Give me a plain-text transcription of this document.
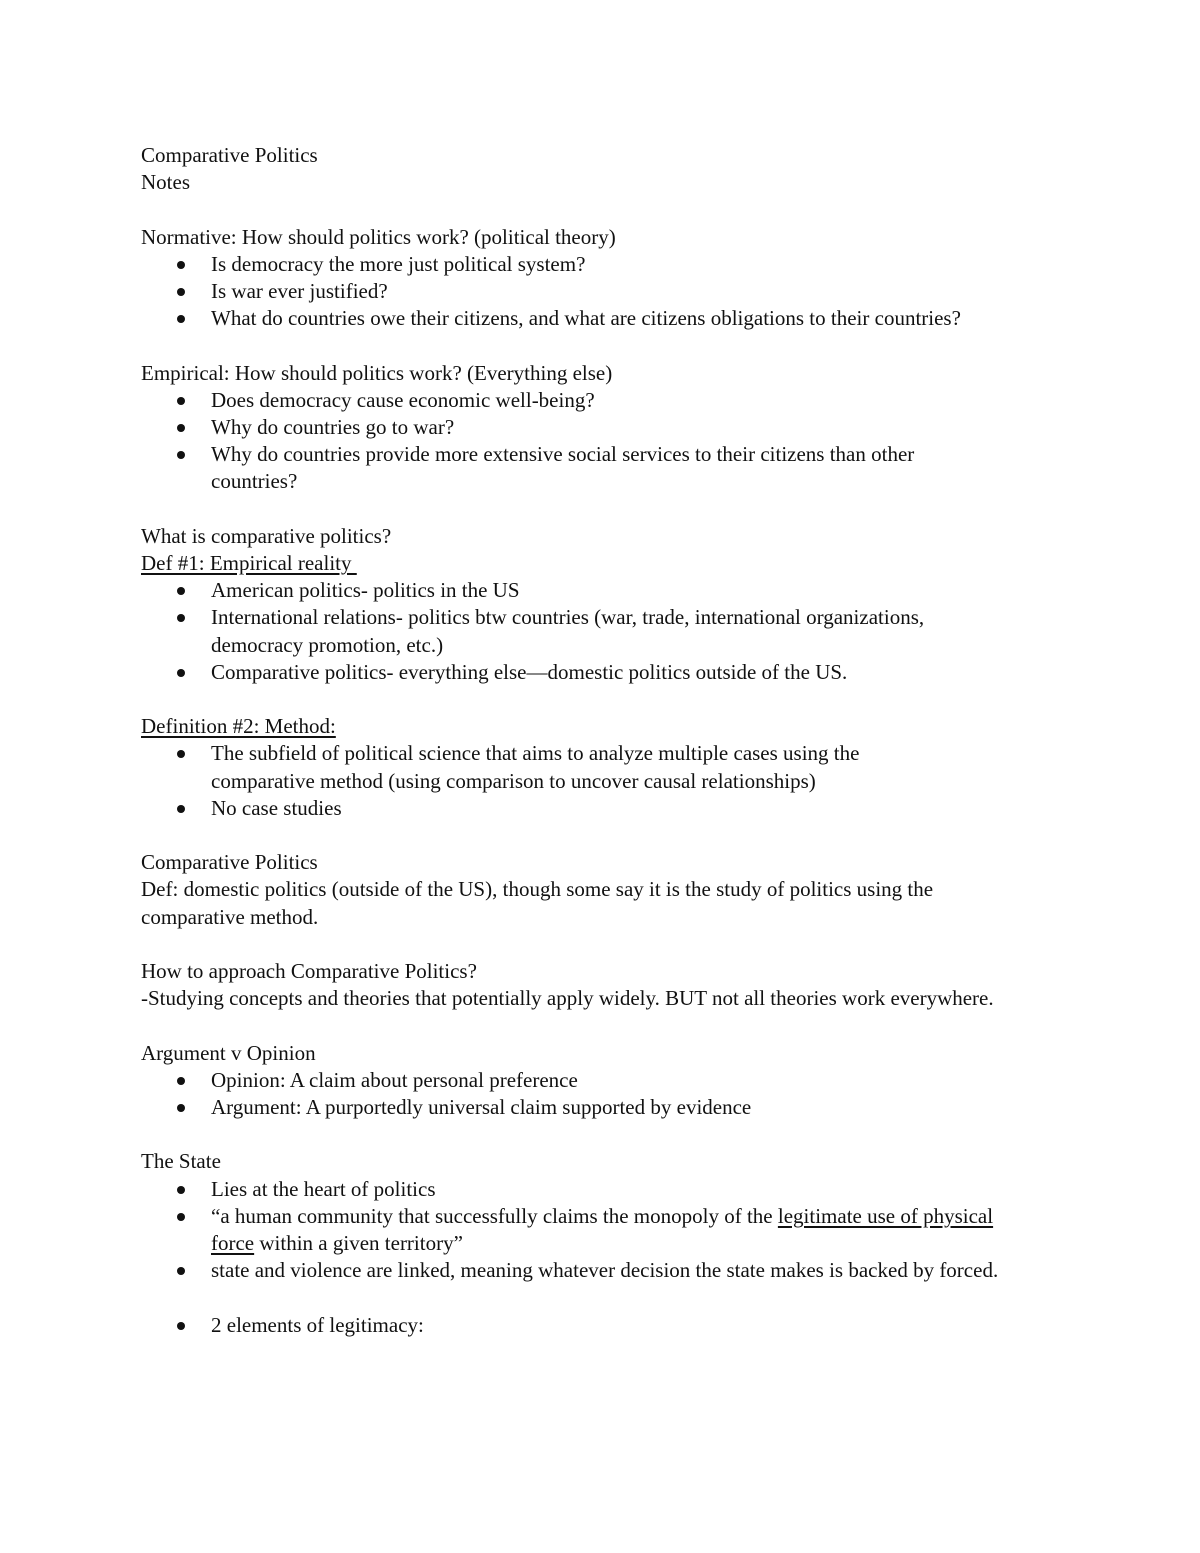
Comparative Politics

Notes

Normative: How should politics work? (political theory)

Is democracy the more just political system?
Is war ever justified?
What do countries owe their citizens, and what are citizens obligations to their countries?

Empirical: How should politics work? (Everything else)

Does democracy cause economic well-being?
Why do countries go to war?
Why do countries provide more extensive social services to their citizens than other countries?

What is comparative politics?

Def #1: Empirical reality

American politics- politics in the US
International relations- politics btw countries (war, trade, international organizations, democracy promotion, etc.)
Comparative politics- everything else—domestic politics outside of the US.

Definition #2: Method:

The subfield of political science that aims to analyze multiple cases using the comparative method (using comparison to uncover causal relationships)
No case studies

Comparative Politics

Def: domestic politics (outside of the US), though some say it is the study of politics using the comparative method.

How to approach Comparative Politics?

-Studying concepts and theories that potentially apply widely. BUT not all theories work everywhere.

Argument v Opinion

Opinion: A claim about personal preference
Argument: A purportedly universal claim supported by evidence

The State

Lies at the heart of politics
“a human community that successfully claims the monopoly of the legitimate use of physical force within a given territory”
state and violence are linked, meaning whatever decision the state makes is backed by forced.
2 elements of legitimacy:
